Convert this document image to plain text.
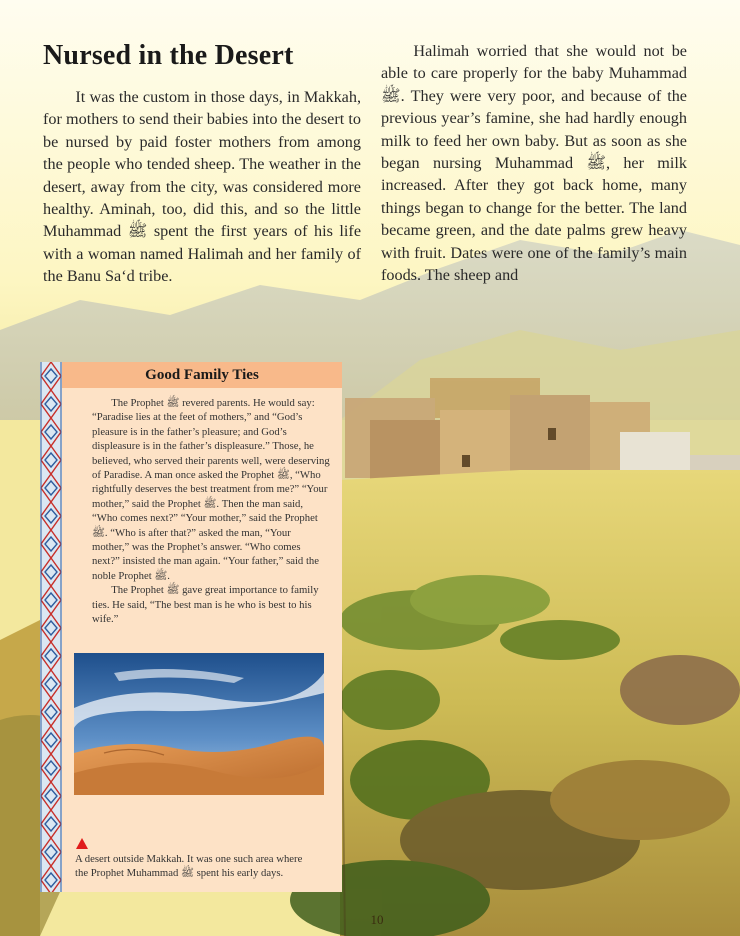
Nursed in the Desert

It was the custom in those days, in Makkah, for mothers to send their babies into the desert to be nursed by paid foster mothers from among the people who tended sheep. The weather in the desert, away from the city, was considered more healthy. Aminah, too, did this, and so the little Muhammad ﷺ spent the first years of his life with a woman named Halimah and her family of the Banu Sa‘d tribe.

Halimah worried that she would not be able to care properly for the baby Muhammad ﷺ. They were very poor, and because of the previous year’s famine, she had hardly enough milk to feed her own baby. But as soon as she began nursing Muhammad ﷺ, her milk increased. After they got back home, many things began to change for the better. The land became green, and the date palms grew heavy with fruit. Dates were one of the family’s main foods. The sheep and

Good Family Ties

The Prophet ﷺ revered parents. He would say: “Paradise lies at the feet of mothers,” and “God’s pleasure is in the father’s pleasure; and God’s displeasure is in the father’s displeasure.” Those, he believed, who served their parents well, were deserving of Paradise. A man once asked the Prophet ﷺ, “Who rightfully deserves the best treatment from me?” “Your mother,” said the Prophet ﷺ. Then the man said, “Who comes next?” “Your mother,” said the Prophet ﷺ. “Who is after that?” asked the man, “Your mother,” was the Prophet’s answer. “Who comes next?” insisted the man again. “Your father,” said the noble Prophet ﷺ.

The Prophet ﷺ gave great importance to family ties. He said, “The best man is he who is best to his wife.”

A desert outside Makkah. It was one such area where the Prophet Muhammad ﷺ spent his early days.
10
